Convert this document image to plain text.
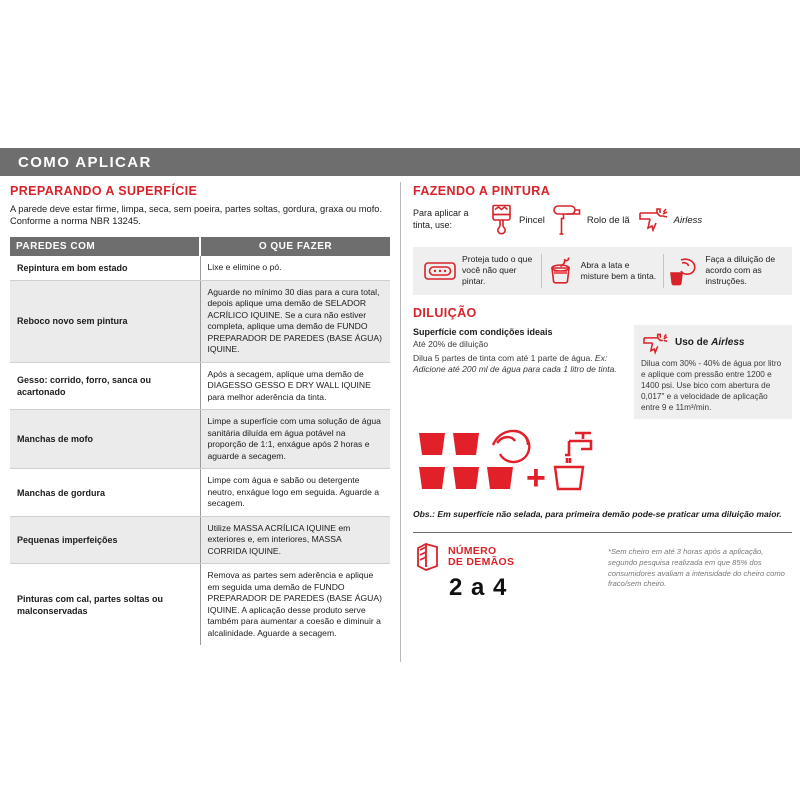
COMO APLICAR
PREPARANDO A SUPERFÍCIE

A parede deve estar firme, limpa, seca, sem poeira, partes soltas, gordura, graxa ou mofo. Conforme a norma NBR 13245.

PAREDES COM	O QUE FAZER
Repintura em bom estado	Lixe e elimine o pó.
Reboco novo sem pintura	Aguarde no mínimo 30 dias para a cura total, depois aplique uma demão de SELADOR ACRÍLICO IQUINE. Se a cura não estiver completa, aplique uma demão de FUNDO PREPARADOR DE PAREDES (BASE ÁGUA) IQUINE.
Gesso: corrido, forro, sanca ou acartonado	Após a secagem, aplique uma demão de DIAGESSO GESSO E DRY WALL IQUINE para melhor aderência da tinta.
Manchas de mofo	Limpe a superfície com uma solução de água sanitária diluída em água potável na proporção de 1:1, enxágue após 2 horas e aguarde a secagem.
Manchas de gordura	Limpe com água e sabão ou detergente neutro, enxágue logo em seguida. Aguarde a secagem.
Pequenas imperfeições	Utilize MASSA ACRÍLICA IQUINE em exteriores e, em interiores, MASSA CORRIDA IQUINE.
Pinturas com cal, partes soltas ou malconservadas	Remova as partes sem aderência e aplique em seguida uma demão de FUNDO PREPARADOR DE PAREDES (BASE ÁGUA) IQUINE. A aplicação desse produto serve também para aumentar a coesão e diminuir a alcalinidade. Aguarde a secagem.
FAZENDO A PINTURA
Para aplicar a tinta, use:	Pincel	Rolo de lã	Airless
Proteja tudo o que você não quer pintar.
Abra a lata e misture bem a tinta.
Faça a diluição de acordo com as instruções.
DILUIÇÃO
Superfície com condições ideais
Até 20% de diluição
Dilua 5 partes de tinta com até 1 parte de água. Ex: Adicione até 200 ml de água para cada 1 litro de tinta.
Uso de Airless
Dilua com 30% - 40% de água por litro e aplique com pressão entre 1200 e 1400 psi. Use bico com abertura de 0,017" e a velocidade de aplicação entre 9 e 11m³/min.
+
Obs.: Em superfície não selada, para primeira demão pode-se praticar uma diluição maior.
NÚMERO
DE DEMÃOS
2 a 4
*Sem cheiro em até 3 horas após a aplicação, segundo pesquisa realizada em que 85% dos consumidores avaliam a intensidade do cheiro como fraco/sem cheiro.
